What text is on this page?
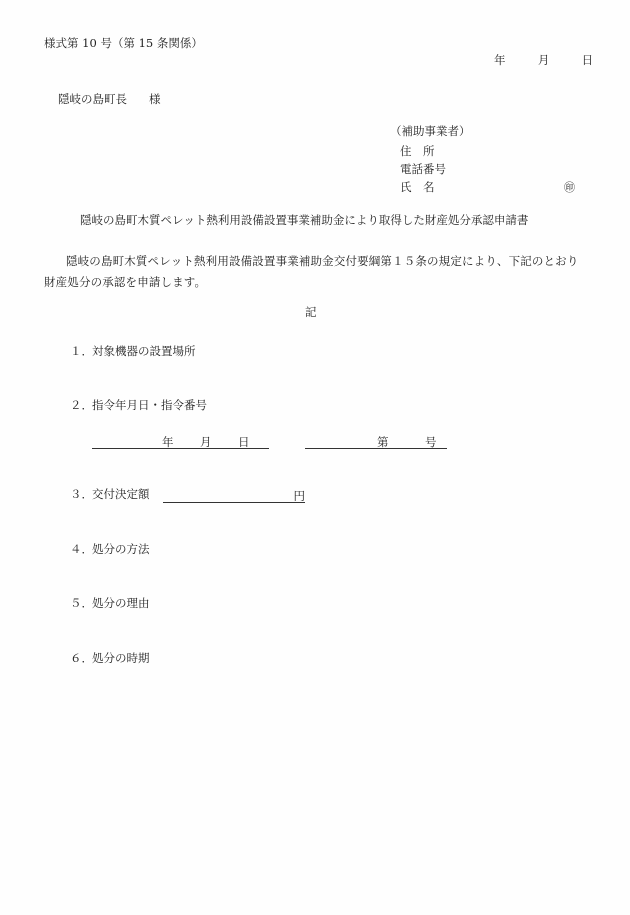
様式第 10 号（第 15 条関係）
年	月	日
隠岐の島町長 様
（補助事業者）
住　所
電話番号
氏　名	㊞
隠岐の島町木質ペレット熱利用設備設置事業補助金により取得した財産処分承認申請書
隠岐の島町木質ペレット熱利用設備設置事業補助金交付要綱第１５条の規定により、下記のとおり財産処分の承認を申請します。
記
１．対象機器の設置場所
２．指令年月日・指令番号
年 月 日	第	号
３．交付決定額	円
４．処分の方法
５．処分の理由
６．処分の時期
